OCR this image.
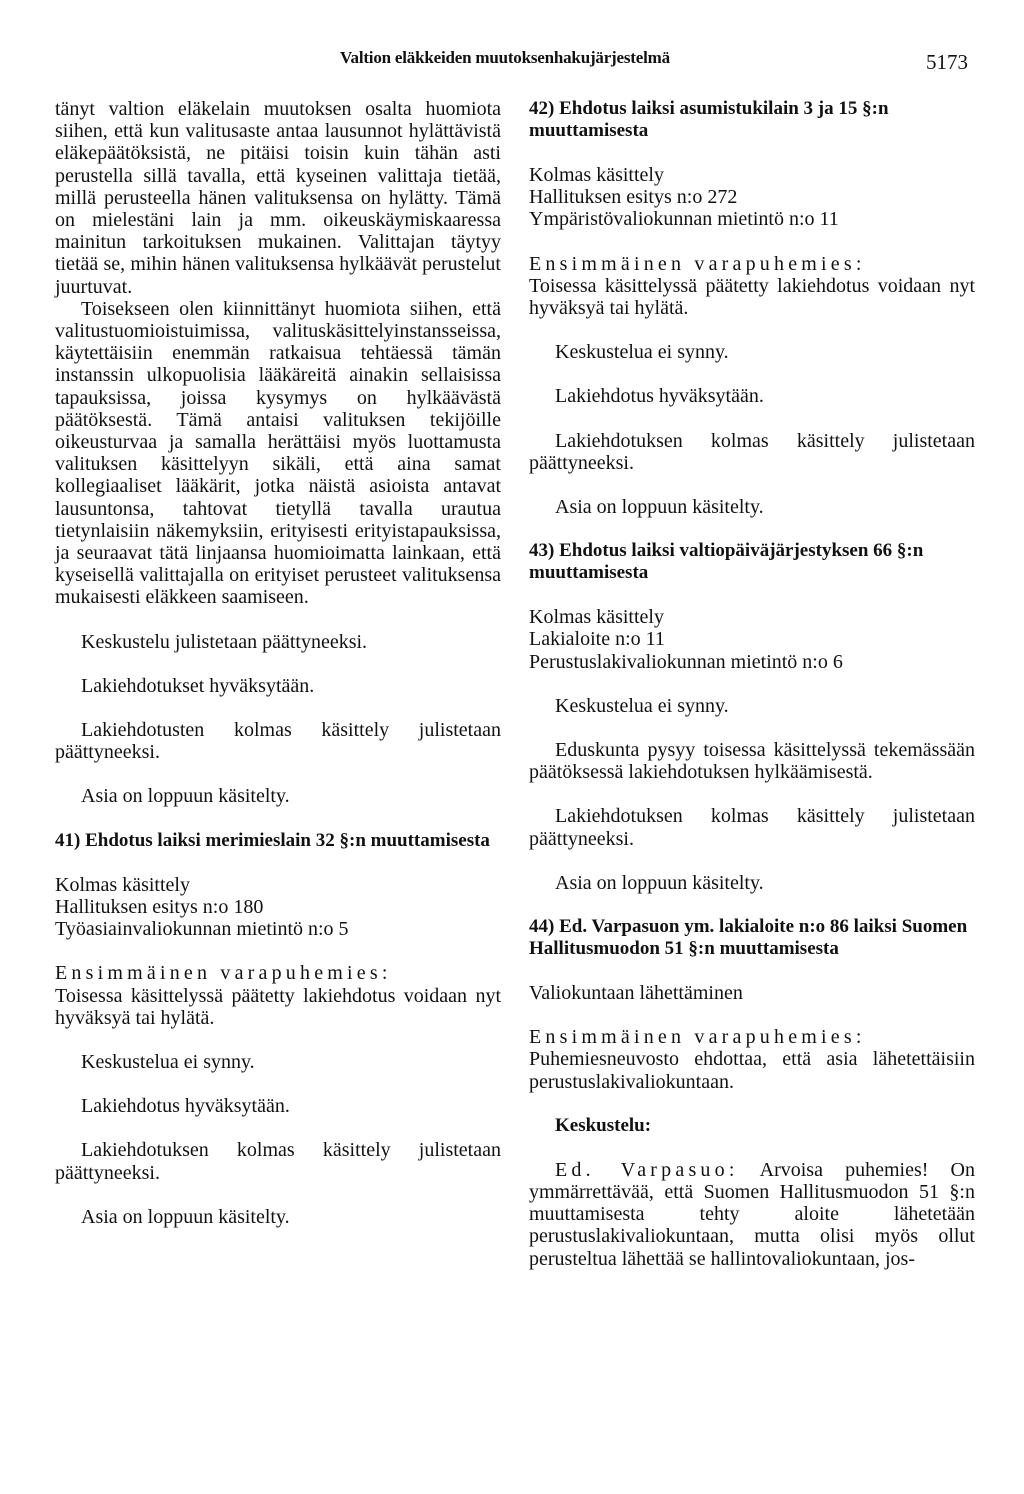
Valtion eläkkeiden muutoksenhakujärjestelmä	5173

tänyt valtion eläkelain muutoksen osalta huomiota siihen, että kun valitusaste antaa lausunnot hylättävistä eläkepäätöksistä, ne pitäisi toisin kuin tähän asti perustella sillä tavalla, että kyseinen valittaja tietää, millä perusteella hänen valituksensa on hylätty. Tämä on mielestäni lain ja mm. oikeuskäymiskaaressa mainitun tarkoituksen mukainen. Valittajan täytyy tietää se, mihin hänen valituksensa hylkäävät perustelut juurtuvat.

Toisekseen olen kiinnittänyt huomiota siihen, että valitustuomioistuimissa, valituskäsittelyinstansseissa, käytettäisiin enemmän ratkaisua tehtäessä tämän instanssin ulkopuolisia lääkäreitä ainakin sellaisissa tapauksissa, joissa kysymys on hylkäävästä päätöksestä. Tämä antaisi valituksen tekijöille oikeusturvaa ja samalla herättäisi myös luottamusta valituksen käsittelyyn sikäli, että aina samat kollegiaaliset lääkärit, jotka näistä asioista antavat lausuntonsa, tahtovat tietyllä tavalla urautua tietynlaisiin näkemyksiin, erityisesti erityistapauksissa, ja seuraavat tätä linjaansa huomioimatta lainkaan, että kyseisellä valittajalla on erityiset perusteet valituksensa mukaisesti eläkkeen saamiseen.

Keskustelu julistetaan päättyneeksi.

Lakiehdotukset hyväksytään.

Lakiehdotusten kolmas käsittely julistetaan päättyneeksi.

Asia on loppuun käsitelty.

41) Ehdotus laiksi merimieslain 32 §:n muuttamisesta

Kolmas käsittely

Hallituksen esitys n:o 180

Työasiainvaliokunnan mietintö n:o 5

Ensimmäinen varapuhemies:

Toisessa käsittelyssä päätetty lakiehdotus voidaan nyt hyväksyä tai hylätä.

Keskustelua ei synny.

Lakiehdotus hyväksytään.

Lakiehdotuksen kolmas käsittely julistetaan päättyneeksi.

Asia on loppuun käsitelty.

42) Ehdotus laiksi asumistukilain 3 ja 15 §:n muuttamisesta

Kolmas käsittely

Hallituksen esitys n:o 272

Ympäristövaliokunnan mietintö n:o 11

Ensimmäinen varapuhemies:

Toisessa käsittelyssä päätetty lakiehdotus voidaan nyt hyväksyä tai hylätä.

Keskustelua ei synny.

Lakiehdotus hyväksytään.

Lakiehdotuksen kolmas käsittely julistetaan päättyneeksi.

Asia on loppuun käsitelty.

43) Ehdotus laiksi valtiopäiväjärjestyksen 66 §:n muuttamisesta

Kolmas käsittely

Lakialoite n:o 11

Perustuslakivaliokunnan mietintö n:o 6

Keskustelua ei synny.

Eduskunta pysyy toisessa käsittelyssä tekemässään päätöksessä lakiehdotuksen hylkäämisestä.

Lakiehdotuksen kolmas käsittely julistetaan päättyneeksi.

Asia on loppuun käsitelty.

44) Ed. Varpasuon ym. lakialoite n:o 86 laiksi Suomen Hallitusmuodon 51 §:n muuttamisesta

Valiokuntaan lähettäminen

Ensimmäinen varapuhemies:

Puhemiesneuvosto ehdottaa, että asia lähetettäisiin perustuslakivaliokuntaan.

Keskustelu:

Ed. Varpasuo: Arvoisa puhemies! On ymmärrettävää, että Suomen Hallitusmuodon 51 §:n muuttamisesta tehty aloite lähetetään perustuslakivaliokuntaan, mutta olisi myös ollut perusteltua lähettää se hallintovaliokuntaan, jos-
